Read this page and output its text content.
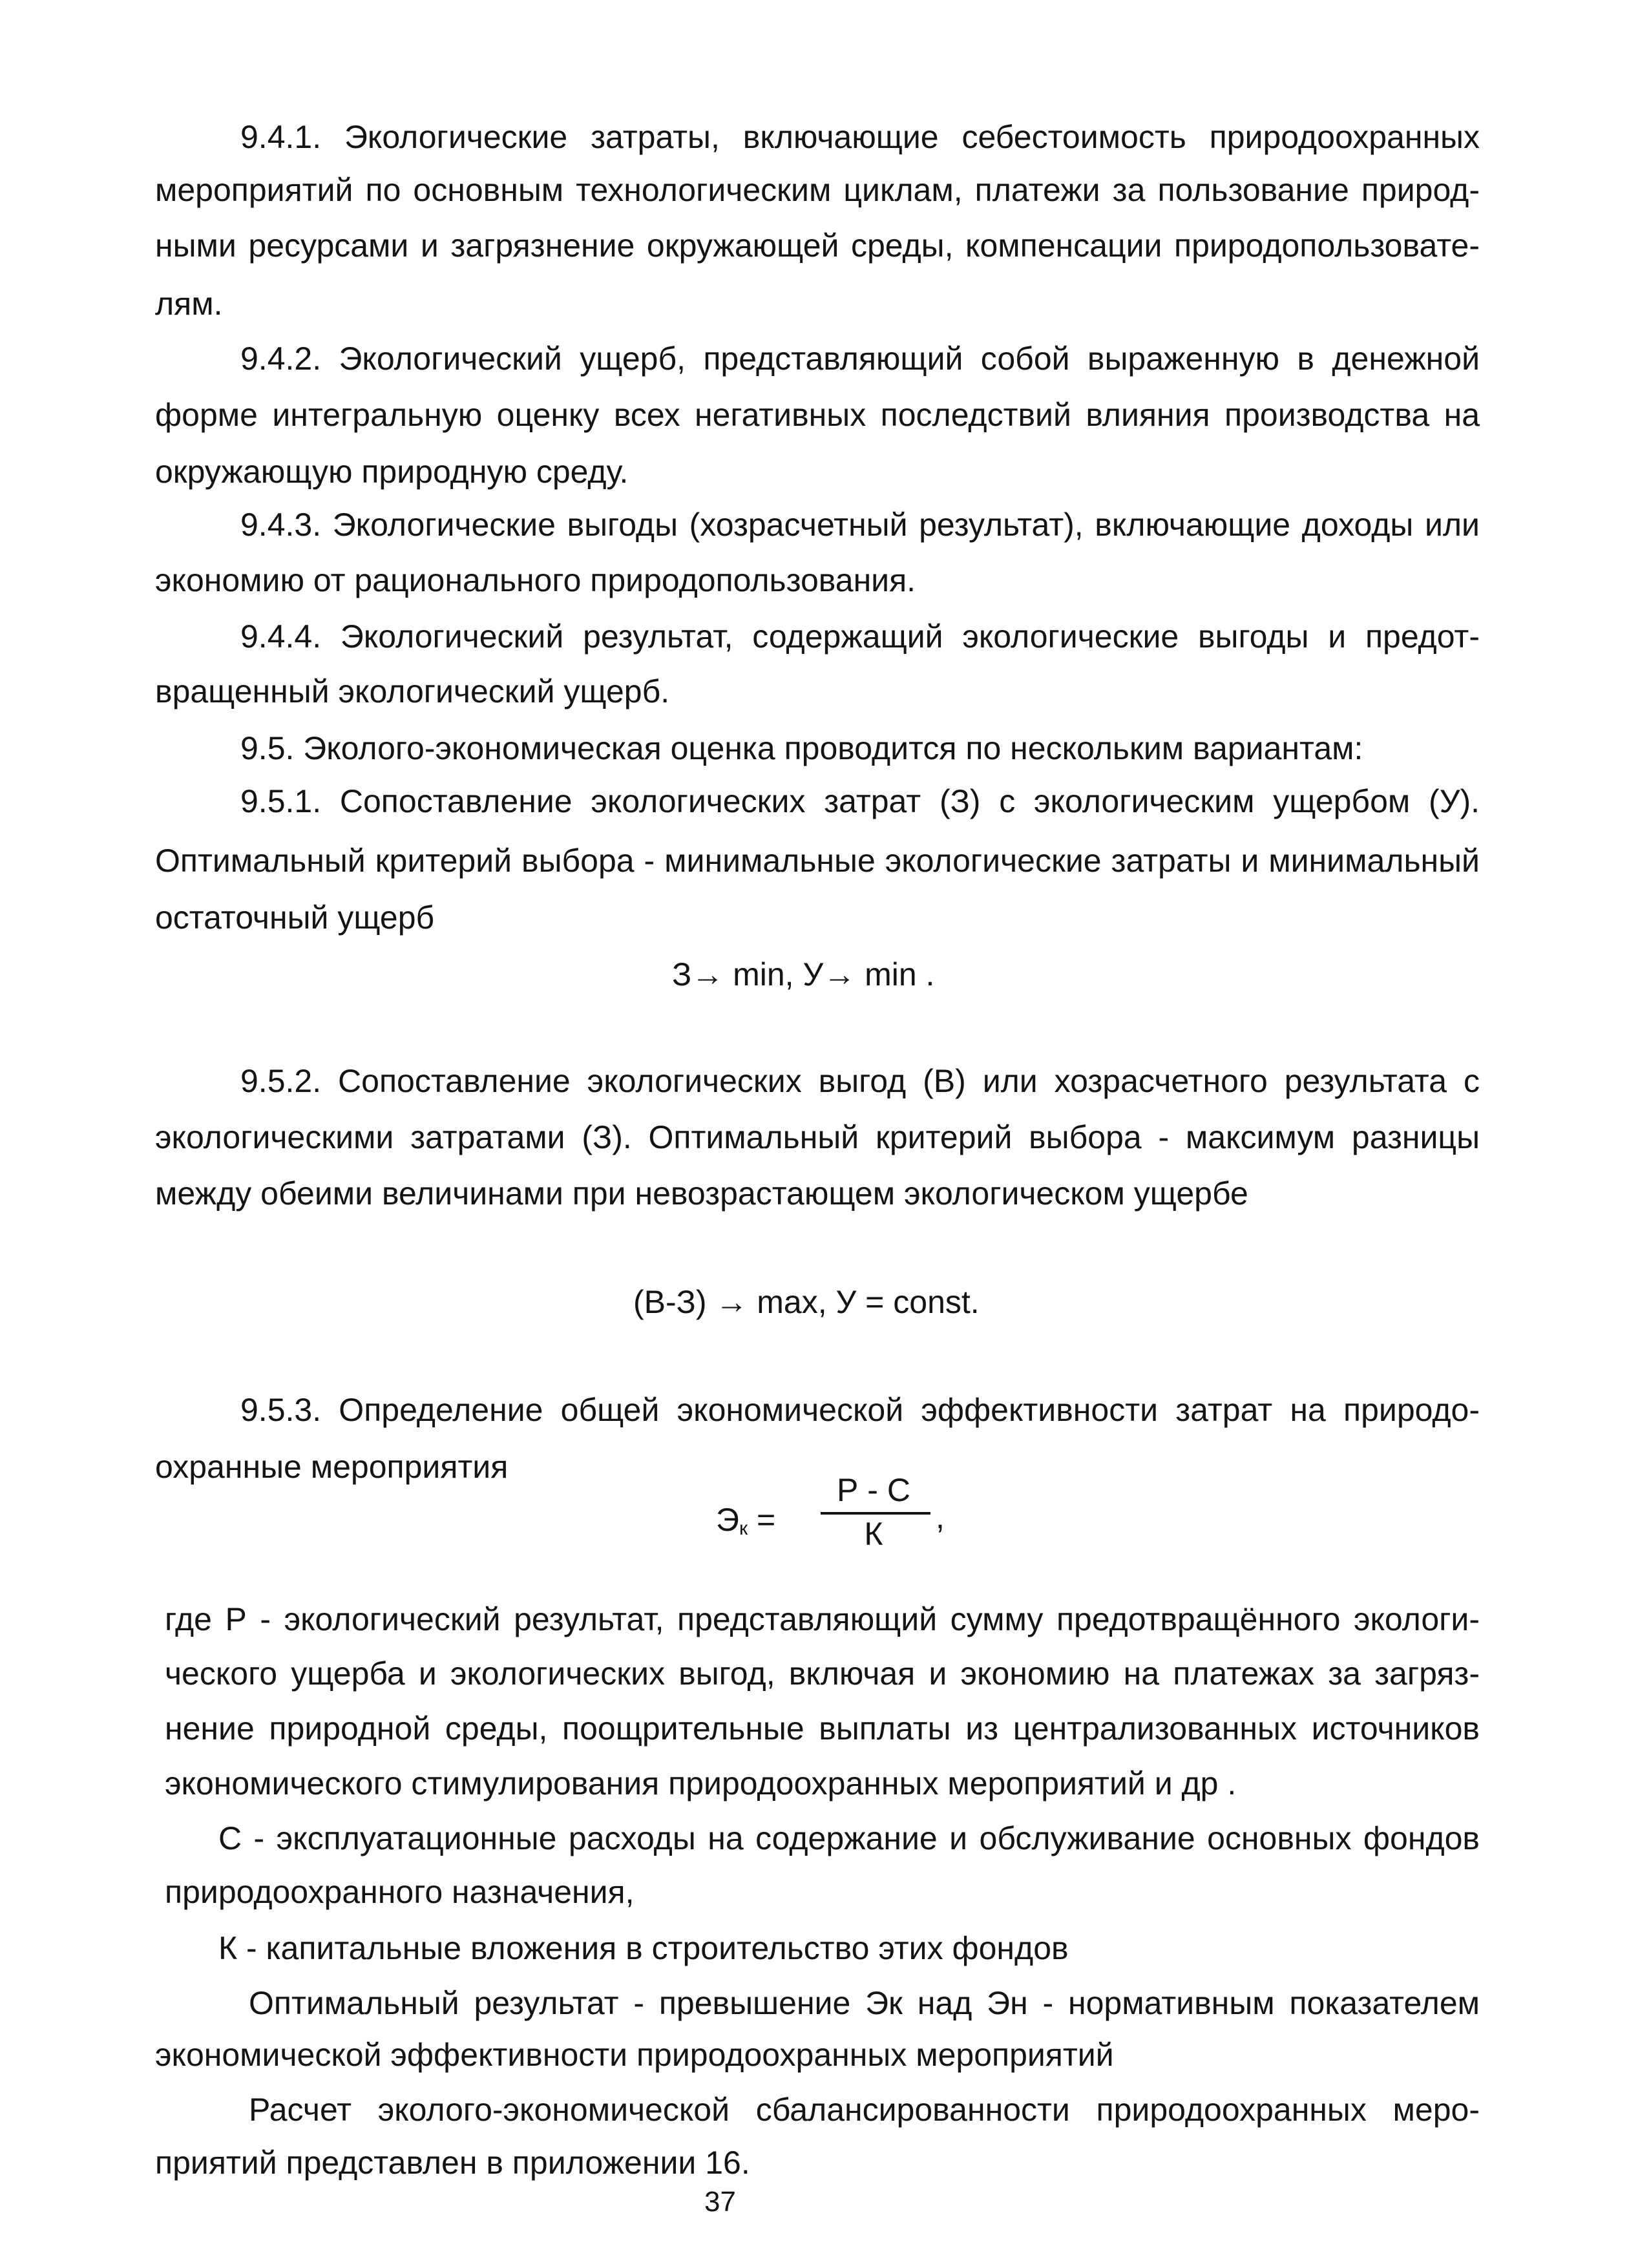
9.4.1. Экологические затраты, включающие себестоимость природоохранных
мероприятий по основным технологическим циклам, платежи за пользование природ-
ными ресурсами и загрязнение окружающей среды, компенсации природопользовате-
лям.
9.4.2. Экологический ущерб, представляющий собой выраженную в денежной
форме интегральную оценку всех негативных последствий влияния производства на
окружающую природную среду.
9.4.3. Экологические выгоды (хозрасчетный результат), включающие доходы или
экономию от рационального природопользования.
9.4.4. Экологический результат, содержащий экологические выгоды и предот-
вращенный экологический ущерб.
9.5. Эколого-экономическая оценка проводится по нескольким вариантам:
9.5.1. Сопоставление экологических затрат (З) с экологическим ущербом (У).
Оптимальный критерий выбора - минимальные экологические затраты и минимальный
остаточный ущерб
З→ min, У→ min .
9.5.2. Сопоставление экологических выгод (В) или хозрасчетного результата с
экологическими затратами (З). Оптимальный критерий выбора - максимум разницы
между обеими величинами при невозрастающем экологическом ущербе
(В-З) → max, У = const.
9.5.3. Определение общей экономической эффективности затрат на природо-
охранные мероприятия
$Э_к$ =
Р - С
К	,
где Р - экологический результат, представляющий сумму предотвращённого экологи-
ческого ущерба и экологических выгод, включая и экономию на платежах за загряз-
нение природной среды, поощрительные выплаты из централизованных источников
экономического стимулирования природоохранных мероприятий и др .
С - эксплуатационные расходы на содержание и обслуживание основных фондов
природоохранного назначения,
К - капитальные вложения в строительство этих фондов
Оптимальный результат - превышение Эк над Эн - нормативным показателем
экономической эффективности природоохранных мероприятий
Расчет эколого-экономической сбалансированности природоохранных меро-
приятий представлен в приложении 16.
37
